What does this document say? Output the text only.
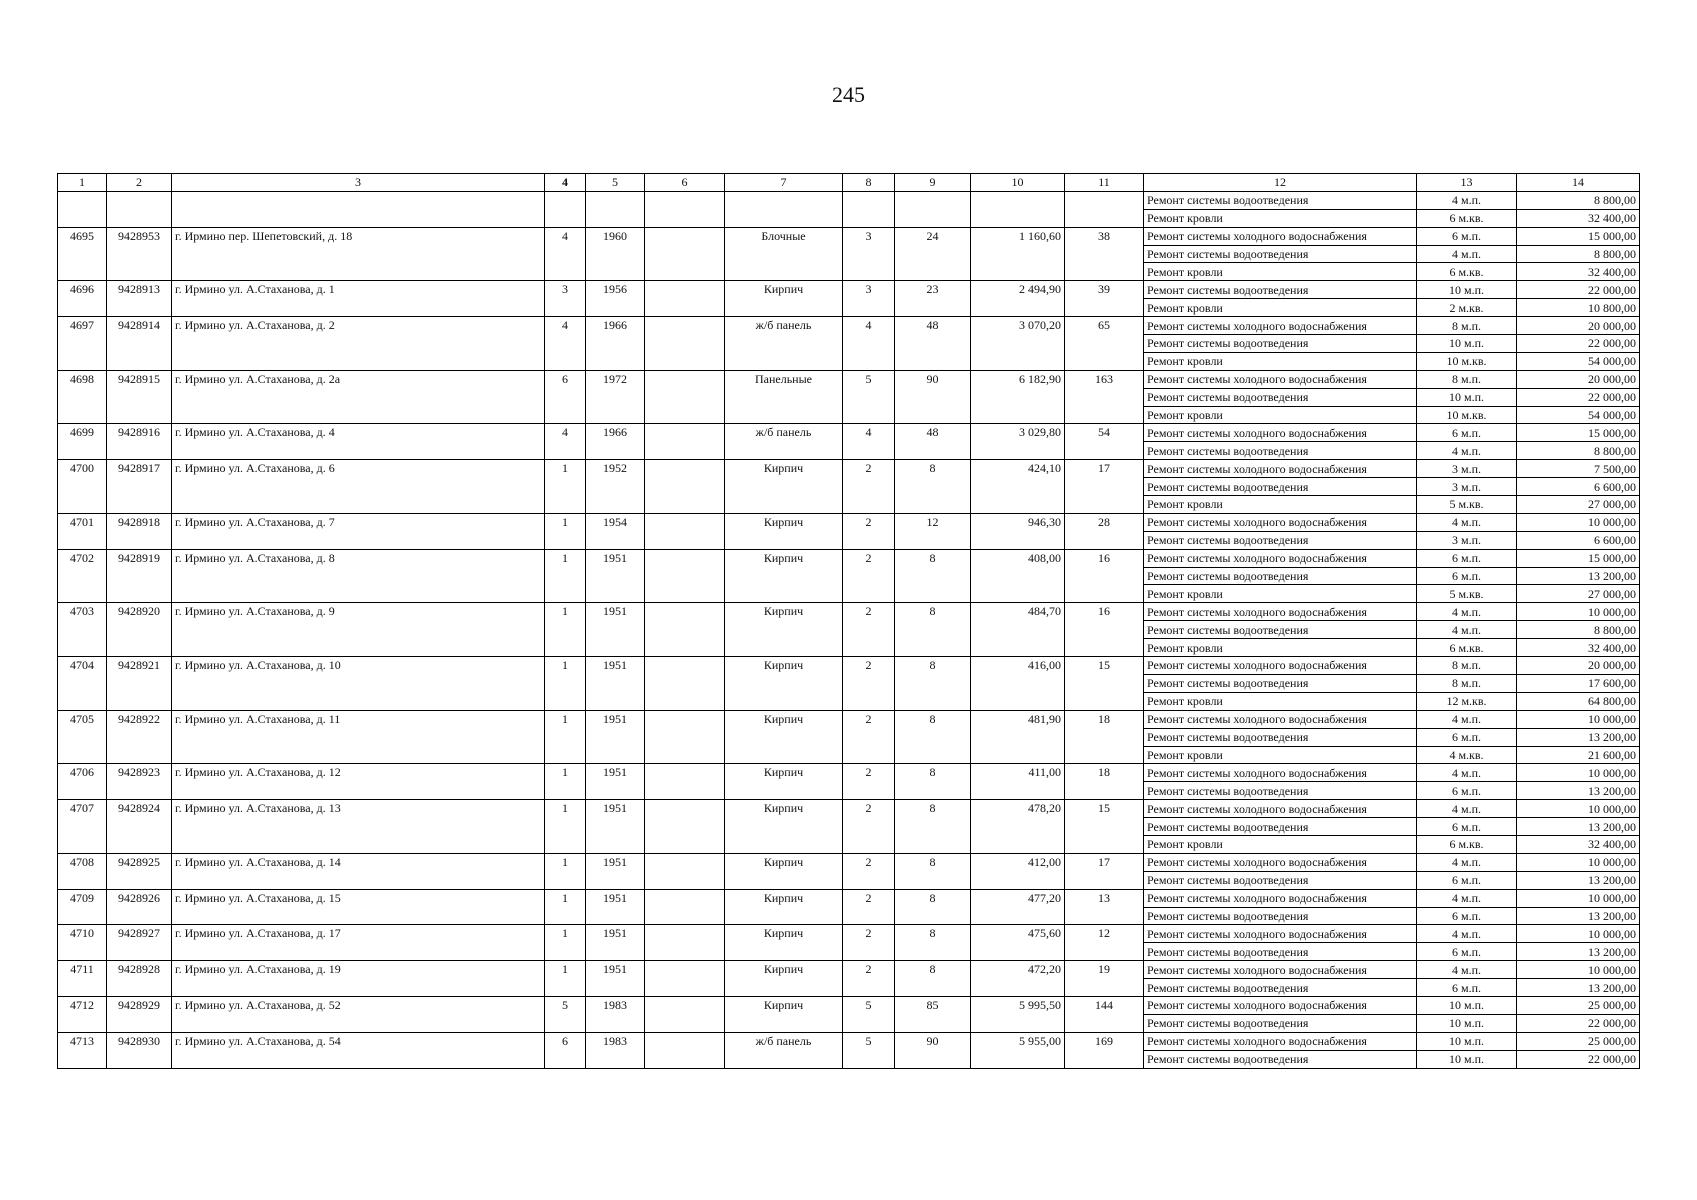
245
1	2	3	4	5	6	7	8	9	10	11	12	13	14
											Ремонт системы водоотведения	4 м.п.	8 800,00
											Ремонт кровли	6 м.кв.	32 400,00
4695	9428953	г. Ирмино пер. Шепетовский, д. 18	4	1960		Блочные	3	24	1 160,60	38	Ремонт системы холодного водоснабжения	6 м.п.	15 000,00
											Ремонт системы водоотведения	4 м.п.	8 800,00
											Ремонт кровли	6 м.кв.	32 400,00
4696	9428913	г. Ирмино ул. А.Стаханова, д. 1	3	1956		Кирпич	3	23	2 494,90	39	Ремонт системы водоотведения	10 м.п.	22 000,00
											Ремонт кровли	2 м.кв.	10 800,00
4697	9428914	г. Ирмино ул. А.Стаханова, д. 2	4	1966		ж/б панель	4	48	3 070,20	65	Ремонт системы холодного водоснабжения	8 м.п.	20 000,00
											Ремонт системы водоотведения	10 м.п.	22 000,00
											Ремонт кровли	10 м.кв.	54 000,00
4698	9428915	г. Ирмино ул. А.Стаханова, д. 2а	6	1972		Панельные	5	90	6 182,90	163	Ремонт системы холодного водоснабжения	8 м.п.	20 000,00
											Ремонт системы водоотведения	10 м.п.	22 000,00
											Ремонт кровли	10 м.кв.	54 000,00
4699	9428916	г. Ирмино ул. А.Стаханова, д. 4	4	1966		ж/б панель	4	48	3 029,80	54	Ремонт системы холодного водоснабжения	6 м.п.	15 000,00
											Ремонт системы водоотведения	4 м.п.	8 800,00
4700	9428917	г. Ирмино ул. А.Стаханова, д. 6	1	1952		Кирпич	2	8	424,10	17	Ремонт системы холодного водоснабжения	3 м.п.	7 500,00
											Ремонт системы водоотведения	3 м.п.	6 600,00
											Ремонт кровли	5 м.кв.	27 000,00
4701	9428918	г. Ирмино ул. А.Стаханова, д. 7	1	1954		Кирпич	2	12	946,30	28	Ремонт системы холодного водоснабжения	4 м.п.	10 000,00
											Ремонт системы водоотведения	3 м.п.	6 600,00
4702	9428919	г. Ирмино ул. А.Стаханова, д. 8	1	1951		Кирпич	2	8	408,00	16	Ремонт системы холодного водоснабжения	6 м.п.	15 000,00
											Ремонт системы водоотведения	6 м.п.	13 200,00
											Ремонт кровли	5 м.кв.	27 000,00
4703	9428920	г. Ирмино ул. А.Стаханова, д. 9	1	1951		Кирпич	2	8	484,70	16	Ремонт системы холодного водоснабжения	4 м.п.	10 000,00
											Ремонт системы водоотведения	4 м.п.	8 800,00
											Ремонт кровли	6 м.кв.	32 400,00
4704	9428921	г. Ирмино ул. А.Стаханова, д. 10	1	1951		Кирпич	2	8	416,00	15	Ремонт системы холодного водоснабжения	8 м.п.	20 000,00
											Ремонт системы водоотведения	8 м.п.	17 600,00
											Ремонт кровли	12 м.кв.	64 800,00
4705	9428922	г. Ирмино ул. А.Стаханова, д. 11	1	1951		Кирпич	2	8	481,90	18	Ремонт системы холодного водоснабжения	4 м.п.	10 000,00
											Ремонт системы водоотведения	6 м.п.	13 200,00
											Ремонт кровли	4 м.кв.	21 600,00
4706	9428923	г. Ирмино ул. А.Стаханова, д. 12	1	1951		Кирпич	2	8	411,00	18	Ремонт системы холодного водоснабжения	4 м.п.	10 000,00
											Ремонт системы водоотведения	6 м.п.	13 200,00
4707	9428924	г. Ирмино ул. А.Стаханова, д. 13	1	1951		Кирпич	2	8	478,20	15	Ремонт системы холодного водоснабжения	4 м.п.	10 000,00
											Ремонт системы водоотведения	6 м.п.	13 200,00
											Ремонт кровли	6 м.кв.	32 400,00
4708	9428925	г. Ирмино ул. А.Стаханова, д. 14	1	1951		Кирпич	2	8	412,00	17	Ремонт системы холодного водоснабжения	4 м.п.	10 000,00
											Ремонт системы водоотведения	6 м.п.	13 200,00
4709	9428926	г. Ирмино ул. А.Стаханова, д. 15	1	1951		Кирпич	2	8	477,20	13	Ремонт системы холодного водоснабжения	4 м.п.	10 000,00
											Ремонт системы водоотведения	6 м.п.	13 200,00
4710	9428927	г. Ирмино ул. А.Стаханова, д. 17	1	1951		Кирпич	2	8	475,60	12	Ремонт системы холодного водоснабжения	4 м.п.	10 000,00
											Ремонт системы водоотведения	6 м.п.	13 200,00
4711	9428928	г. Ирмино ул. А.Стаханова, д. 19	1	1951		Кирпич	2	8	472,20	19	Ремонт системы холодного водоснабжения	4 м.п.	10 000,00
											Ремонт системы водоотведения	6 м.п.	13 200,00
4712	9428929	г. Ирмино ул. А.Стаханова, д. 52	5	1983		Кирпич	5	85	5 995,50	144	Ремонт системы холодного водоснабжения	10 м.п.	25 000,00
											Ремонт системы водоотведения	10 м.п.	22 000,00
4713	9428930	г. Ирмино ул. А.Стаханова, д. 54	6	1983		ж/б панель	5	90	5 955,00	169	Ремонт системы холодного водоснабжения	10 м.п.	25 000,00
											Ремонт системы водоотведения	10 м.п.	22 000,00
